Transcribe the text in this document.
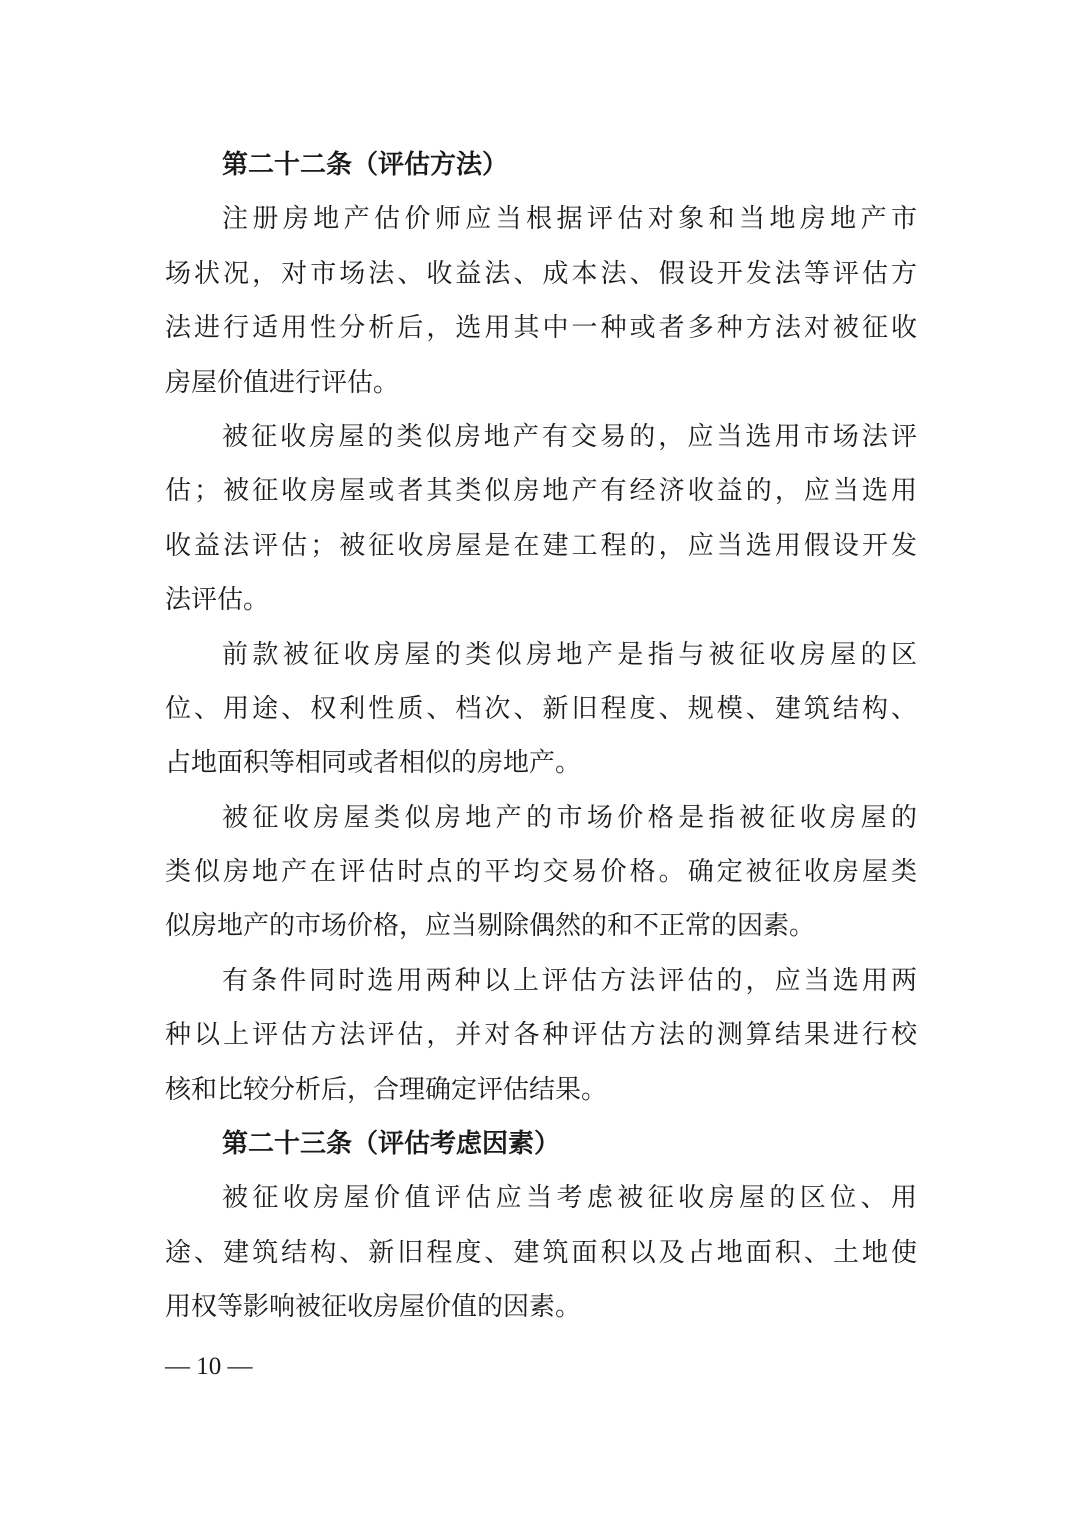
第二十二条（评估方法）
注册房地产估价师应当根据评估对象和当地房地产市
场状况，对市场法、收益法、成本法、假设开发法等评估方
法进行适用性分析后，选用其中一种或者多种方法对被征收
房屋价值进行评估。
被征收房屋的类似房地产有交易的，应当选用市场法评
估；被征收房屋或者其类似房地产有经济收益的，应当选用
收益法评估；被征收房屋是在建工程的，应当选用假设开发
法评估。
前款被征收房屋的类似房地产是指与被征收房屋的区
位、用途、权利性质、档次、新旧程度、规模、建筑结构、
占地面积等相同或者相似的房地产。
被征收房屋类似房地产的市场价格是指被征收房屋的
类似房地产在评估时点的平均交易价格。确定被征收房屋类
似房地产的市场价格，应当剔除偶然的和不正常的因素。
有条件同时选用两种以上评估方法评估的，应当选用两
种以上评估方法评估，并对各种评估方法的测算结果进行校
核和比较分析后，合理确定评估结果。
第二十三条（评估考虑因素）
被征收房屋价值评估应当考虑被征收房屋的区位、用
途、建筑结构、新旧程度、建筑面积以及占地面积、土地使
用权等影响被征收房屋价值的因素。
— 10 —
